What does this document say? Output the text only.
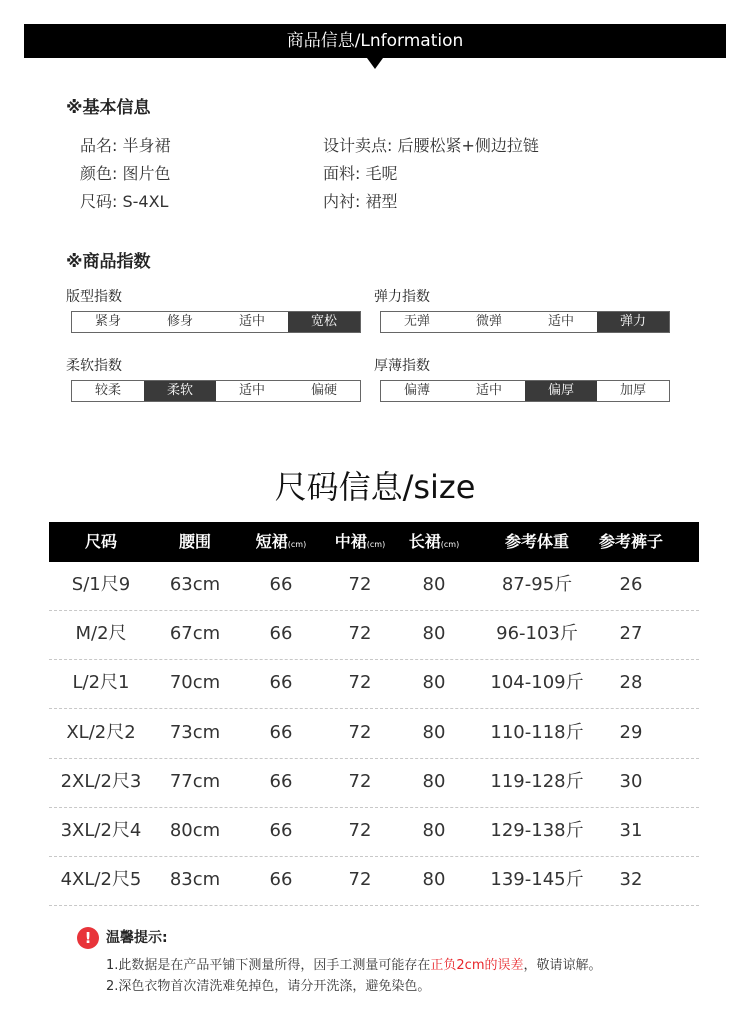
商品信息/Lnformation
※基本信息
品名: 半身裙
颜色: 图片色
尺码: S-4XL
设计卖点: 后腰松紧+侧边拉链
面料: 毛呢
内衬: 裙型
※商品指数
版型指数
紧身	修身	适中	宽松
弹力指数
无弹	微弹	适中	弹力
柔软指数
较柔	柔软	适中	偏硬
厚薄指数
偏薄	适中	偏厚	加厚
尺码信息/size
尺码	腰围	短裙(cm) 中裙(cm) 长裙(cm)	参考体重 参考裤子
S/1尺9 63cm	66	72	80	87-95斤	26
M/2尺 67cm	66	72	80	96-103斤 27
L/2尺1 70cm	66	72	80 104-109斤 28
XL/2尺2 73cm	66	72	80 110-118斤 29
2XL/2尺3 77cm	66	72	80 119-128斤 30
3XL/2尺4 80cm	66	72	80 129-138斤 31
4XL/2尺5 83cm	66	72	80 139-145斤 32
!	温馨提示:
1.此数据是在产品平铺下测量所得，因手工测量可能存在正负2cm的误差，敬请谅解。
2.深色衣物首次清洗难免掉色，请分开洗涤，避免染色。
